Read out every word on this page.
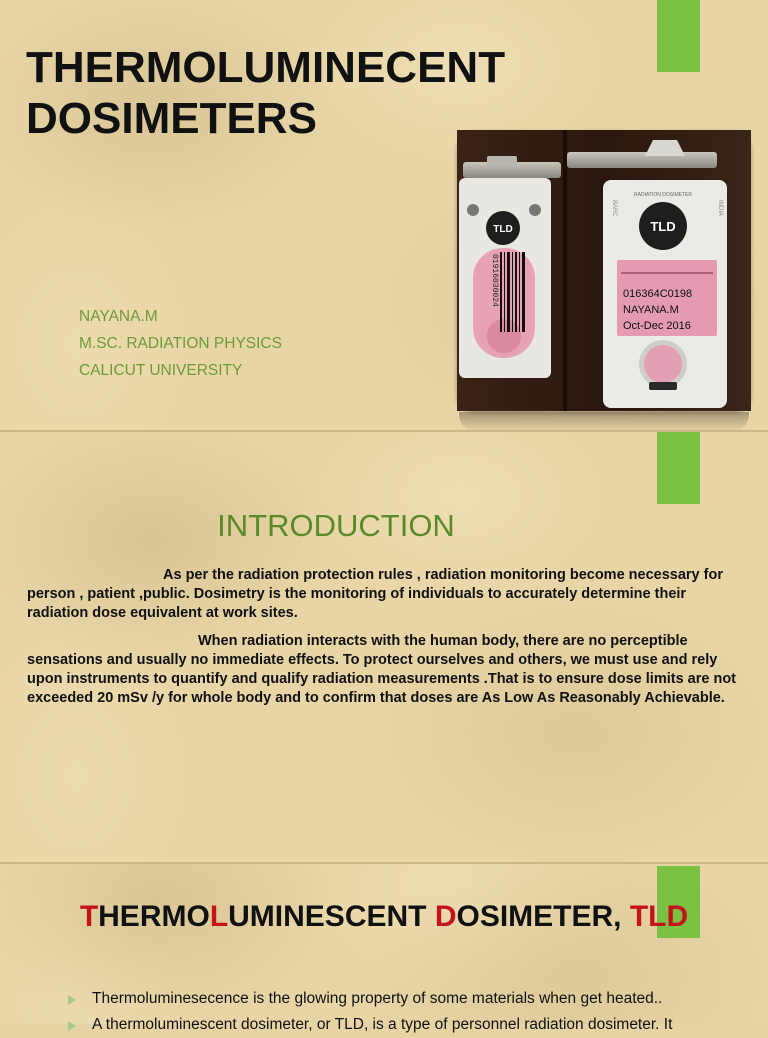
THERMOLUMINECENT
DOSIMETERS
NAYANA.M
M.SC. RADIATION PHYSICS
CALICUT UNIVERSITY
TLD
01916030024
TLD
RADIATION DOSIMETER
BARC	INDIA
016364C0198
NAYANA.M
Oct-Dec 2016
INTRODUCTION

As per the radiation protection rules , radiation monitoring become necessary for person , patient ,public. Dosimetry is the monitoring of individuals to accurately determine their radiation dose equivalent at work sites.

When radiation interacts with the human body, there are no perceptible sensations and usually no immediate effects. To protect ourselves and others, we must use and rely upon instruments to quantify and qualify radiation measurements .That is to ensure dose limits are not exceeded 20 mSv /y for whole body and to confirm that doses are As Low As Reasonably Achievable.

THERMOLUMINESCENT DOSIMETER, TLD
Thermoluminesecence is the glowing property of some materials when get heated..
A thermoluminescent dosimeter, or TLD, is a type of personnel radiation dosimeter. It
